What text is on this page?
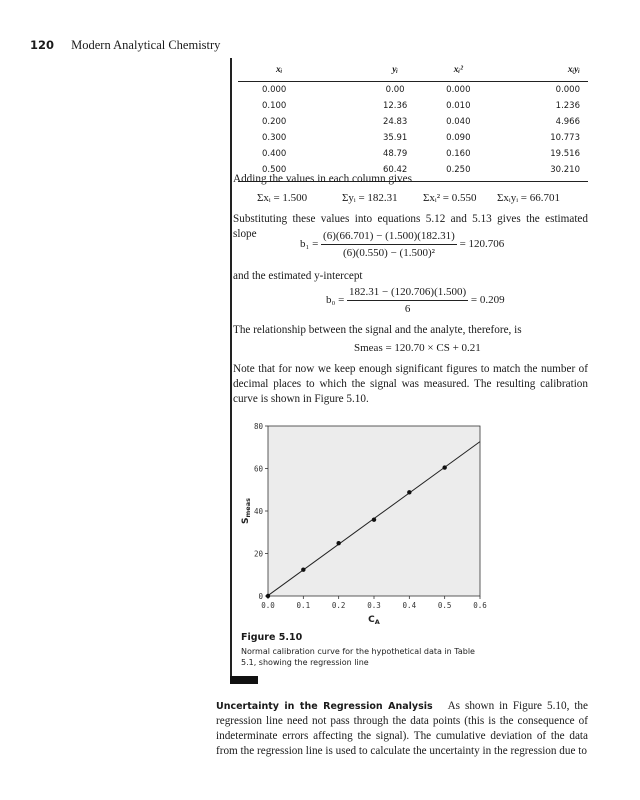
120 Modern Analytical Chemistry
xᵢ	yᵢ	xᵢ²	xᵢyᵢ
0.000	0.00	0.000	0.000
0.100	12.36	0.010	1.236
0.200	24.83	0.040	4.966
0.300	35.91	0.090	10.773
0.400	48.79	0.160	19.516
0.500	60.42	0.250	30.210
Adding the values in each column gives
Σxᵢ = 1.500	Σyᵢ = 182.31 Σxᵢ² = 0.550 Σxᵢyᵢ = 66.701
Substituting these values into equations 5.12 and 5.13 gives the estimated slope
$b_1 = \frac{(6)(66.701) - (1.500)(182.31)}{\text{(6)(0.550) − (1.500)²}} = 120.706$
and the estimated y-intercept
$b_0 = \frac{182.31 - (120.706)(1.500)}{6} = 0.209$
The relationship between the signal and the analyte, therefore, is
Smeas = 120.70 × CS + 0.21
Note that for now we keep enough significant figures to match the number of decimal places to which the signal was measured. The resulting calibration curve is shown in Figure 5.10.
0.0	0.1	0.2	0.3	0.4	0.5	0.6
0
20
40
60
80
$C_A$
$S_{meas}$
Figure 5.10
Normal calibration curve for the hypothetical data in Table 5.1, showing the regression line
Uncertainty in the Regression Analysis As shown in Figure 5.10, the regression line need not pass through the data points (this is the consequence of indeterminate errors affecting the signal). The cumulative deviation of the data from the regression line is used to calculate the uncertainty in the regression due to
